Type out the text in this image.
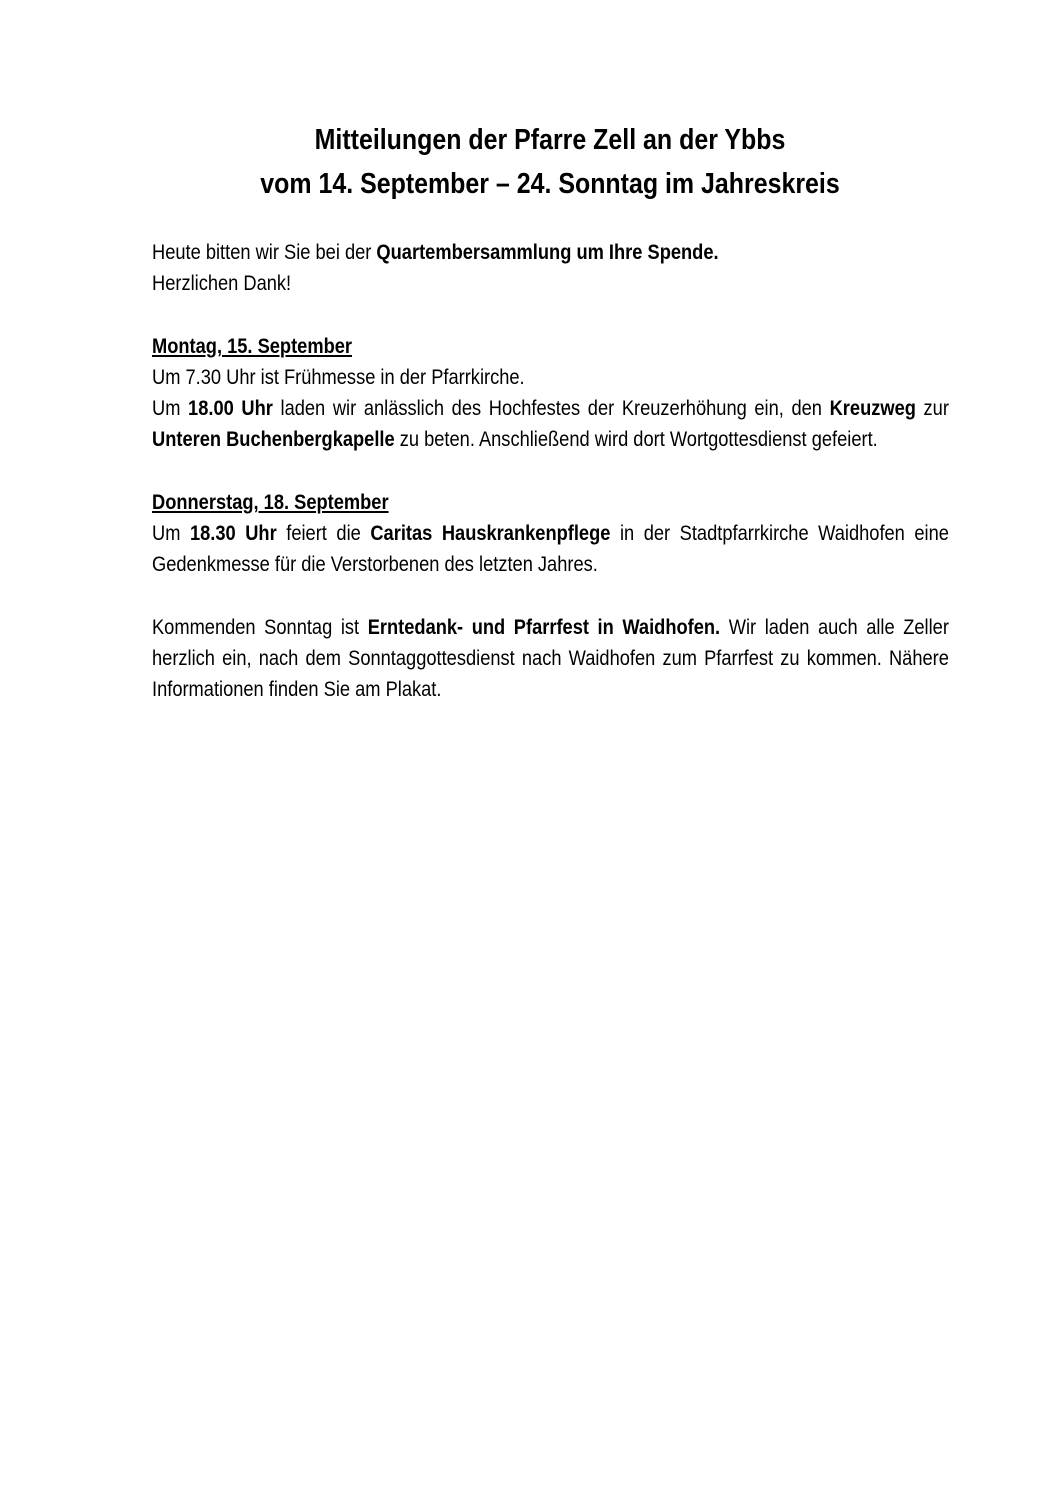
Mitteilungen der Pfarre Zell an der Ybbs
vom 14. September – 24. Sonntag im Jahreskreis

Heute bitten wir Sie bei der Quartembersammlung um Ihre Spende.

Herzlichen Dank!

Montag, 15. September

Um 7.30 Uhr ist Frühmesse in der Pfarrkirche.

Um 18.00 Uhr laden wir anlässlich des Hochfestes der Kreuzerhöhung ein, den Kreuzweg zur Unteren Buchenbergkapelle zu beten. Anschließend wird dort Wortgottesdienst gefeiert.

Donnerstag, 18. September

Um 18.30 Uhr feiert die Caritas Hauskrankenpflege in der Stadtpfarrkirche Waidhofen eine Gedenkmesse für die Verstorbenen des letzten Jahres.

Kommenden Sonntag ist Erntedank- und Pfarrfest in Waidhofen. Wir laden auch alle Zeller herzlich ein, nach dem Sonntaggottesdienst nach Waidhofen zum Pfarrfest zu kommen. Nähere Informationen finden Sie am Plakat.
